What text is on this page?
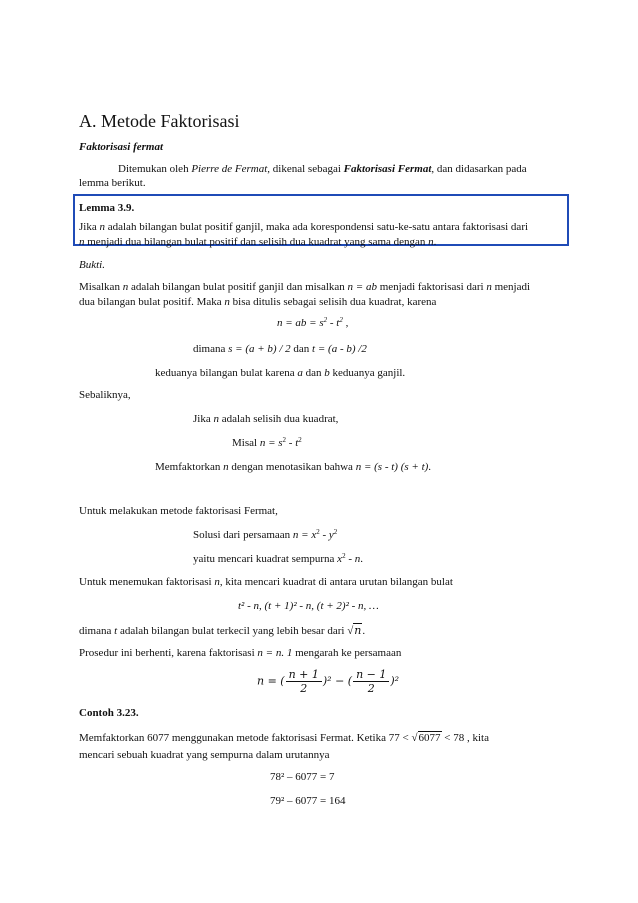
A. Metode Faktorisasi
Faktorisasi fermat
Ditemukan oleh Pierre de Fermat, dikenal sebagai Faktorisasi Fermat, dan didasarkan pada
lemma berikut.
Lemma 3.9.
Jika n adalah bilangan bulat positif ganjil, maka ada korespondensi satu-ke-satu antara faktorisasi dari
n menjadi dua bilangan bulat positif dan selisih dua kuadrat yang sama dengan n.
Bukti.
Misalkan n adalah bilangan bulat positif ganjil dan misalkan n = ab menjadi faktorisasi dari n menjadi
dua bilangan bulat positif. Maka n bisa ditulis sebagai selisih dua kuadrat, karena
n = ab = $s^2 - t^2$ ,
dimana s = (a + b) / 2 dan t = (a - b) /2
keduanya bilangan bulat karena a dan b keduanya ganjil.
Sebaliknya,
Jika n adalah selisih dua kuadrat,
Misal $n = s^2 - t^2$
Memfaktorkan n dengan menotasikan bahwa n = (s - t) (s + t).
Untuk melakukan metode faktorisasi Fermat,
Solusi dari persamaan $n = x^2 - y^2$
yaitu mencari kuadrat sempurna $x^2$ - n.
Untuk menemukan faktorisasi n, kita mencari kuadrat di antara urutan bilangan bulat
t² - n, (t + 1)² - n, (t + 2)² - n, …
dimana t adalah bilangan bulat terkecil yang lebih besar dari √n.
Prosedur ini berhenti, karena faktorisasi n = n. 1 mengarah ke persamaan
n = ( $\frac{n + 1}{2} )^2$ − ( $\frac{n - 1}{2} )^2$
Contoh 3.23.
Memfaktorkan 6077 menggunakan metode faktorisasi Fermat. Ketika 77 < √6077 < 78 , kita
mencari sebuah kuadrat yang sempurna dalam urutannya
78² – 6077 = 7
79² – 6077 = 164
